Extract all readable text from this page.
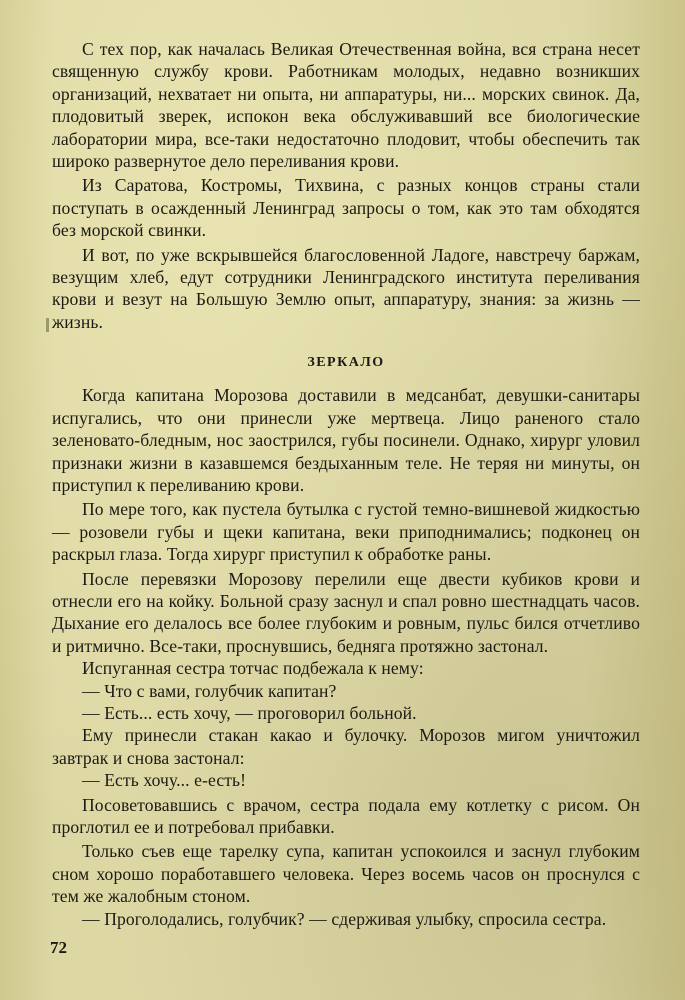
С тех пор, как началась Великая Отечественная война, вся страна несет священную службу крови. Работникам молодых, недавно возникших организаций, нехватает ни опыта, ни аппаратуры, ни... морских свинок. Да, плодовитый зверек, испокон века обслуживавший все биологические лаборатории мира, все-таки недостаточно плодовит, чтобы обеспечить так широко развернутое дело переливания крови.

Из Саратова, Костромы, Тихвина, с разных концов страны стали поступать в осажденный Ленинград запросы о том, как это там обходятся без морской свинки.

И вот, по уже вскрывшейся благословенной Ладоге, навстречу баржам, везущим хлеб, едут сотрудники Ленинградского института переливания крови и везут на Большую Землю опыт, аппаратуру, знания: за жизнь — жизнь.

ЗЕРКАЛО

Когда капитана Морозова доставили в медсанбат, девушки-санитары испугались, что они принесли уже мертвеца. Лицо раненого стало зеленовато-бледным, нос заострился, губы посинели. Однако, хирург уловил признаки жизни в казавшемся бездыханным теле. Не теряя ни минуты, он приступил к переливанию крови.

По мере того, как пустела бутылка с густой темно-вишневой жидкостью — розовели губы и щеки капитана, веки приподнимались; подконец он раскрыл глаза. Тогда хирург приступил к обработке раны.

После перевязки Морозову перелили еще двести кубиков крови и отнесли его на койку. Больной сразу заснул и спал ровно шестнадцать часов. Дыхание его делалось все более глубоким и ровным, пульс бился отчетливо и ритмично. Все-таки, проснувшись, бедняга протяжно застонал.

Испуганная сестра тотчас подбежала к нему:

— Что с вами, голубчик капитан?

— Есть... есть хочу, — проговорил больной.

Ему принесли стакан какао и булочку. Морозов мигом уничтожил завтрак и снова застонал:

— Есть хочу... е-есть!

Посоветовавшись с врачом, сестра подала ему котлетку с рисом. Он проглотил ее и потребовал прибавки.

Только съев еще тарелку супа, капитан успокоился и заснул глубоким сном хорошо поработавшего человека. Через восемь часов он проснулся с тем же жалобным стоном.

— Проголодались, голубчик? — сдерживая улыбку, спросила сестра.

72
